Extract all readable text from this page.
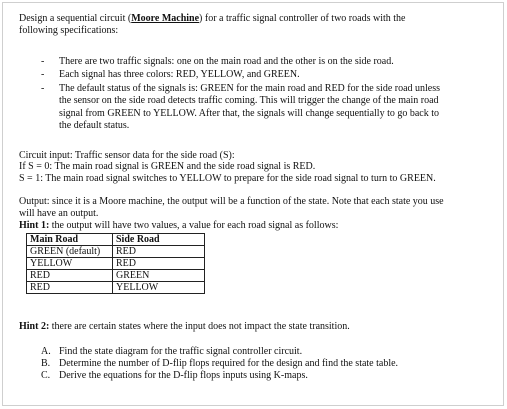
Design a sequential circuit (Moore Machine) for a traffic signal controller of two roads with the
following specifications:
-	There are two traffic signals: one on the main road and the other is on the side road.
-	Each signal has three colors: RED, YELLOW, and GREEN.
-	The default status of the signals is: GREEN for the main road and RED for the side road unless
the sensor on the side road detects traffic coming. This will trigger the change of the main road
signal from GREEN to YELLOW. After that, the signals will change sequentially to go back to
the default status.
Circuit input: Traffic sensor data for the side road (S):
If S = 0: The main road signal is GREEN and the side road signal is RED.
S = 1: The main road signal switches to YELLOW to prepare for the side road signal to turn to GREEN.
Output: since it is a Moore machine, the output will be a function of the state. Note that each state you use
will have an output.
Hint 1: the output will have two values, a value for each road signal as follows:
Main Road	Side Road
GREEN (default)	RED
YELLOW	RED
RED	GREEN
RED	YELLOW
Hint 2: there are certain states where the input does not impact the state transition.
A. Find the state diagram for the traffic signal controller circuit.
B. Determine the number of D-flip flops required for the design and find the state table.
C. Derive the equations for the D-flip flops inputs using K-maps.
